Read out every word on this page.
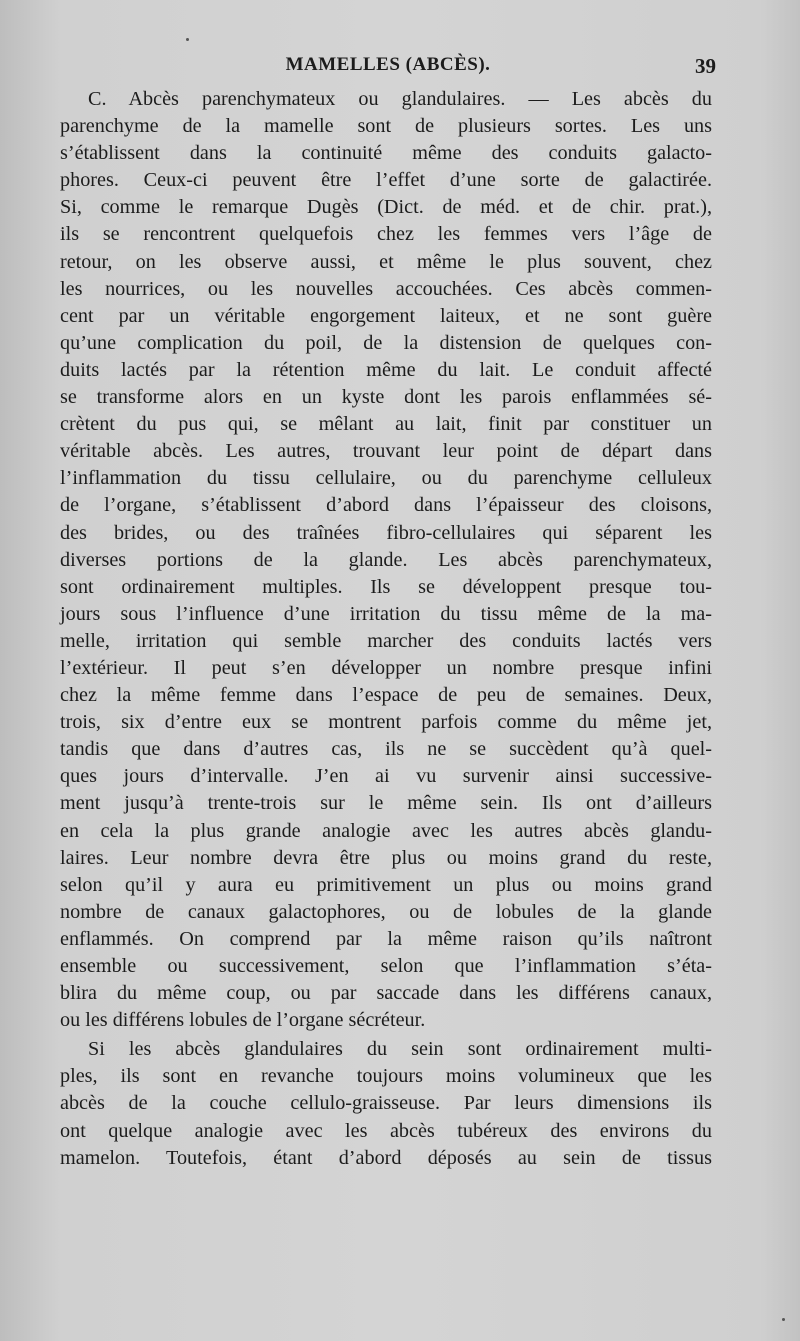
MAMELLES (ABCÈS).	39
C. Abcès parenchymateux ou glandulaires. — Les abcès du
parenchyme de la mamelle sont de plusieurs sortes. Les uns
s’établissent dans la continuité même des conduits galacto-
phores. Ceux-ci peuvent être l’effet d’une sorte de galactirée.
Si, comme le remarque Dugès (Dict. de méd. et de chir. prat.),
ils se rencontrent quelquefois chez les femmes vers l’âge de
retour, on les observe aussi, et même le plus souvent, chez
les nourrices, ou les nouvelles accouchées. Ces abcès commen-
cent par un véritable engorgement laiteux, et ne sont guère
qu’une complication du poil, de la distension de quelques con-
duits lactés par la rétention même du lait. Le conduit affecté
se transforme alors en un kyste dont les parois enflammées sé-
crètent du pus qui, se mêlant au lait, finit par constituer un
véritable abcès. Les autres, trouvant leur point de départ dans
l’inflammation du tissu cellulaire, ou du parenchyme celluleux
de l’organe, s’établissent d’abord dans l’épaisseur des cloisons,
des brides, ou des traînées fibro-cellulaires qui séparent les
diverses portions de la glande. Les abcès parenchymateux,
sont ordinairement multiples. Ils se développent presque tou-
jours sous l’influence d’une irritation du tissu même de la ma-
melle, irritation qui semble marcher des conduits lactés vers
l’extérieur. Il peut s’en développer un nombre presque infini
chez la même femme dans l’espace de peu de semaines. Deux,
trois, six d’entre eux se montrent parfois comme du même jet,
tandis que dans d’autres cas, ils ne se succèdent qu’à quel-
ques jours d’intervalle. J’en ai vu survenir ainsi successive-
ment jusqu’à trente-trois sur le même sein. Ils ont d’ailleurs
en cela la plus grande analogie avec les autres abcès glandu-
laires. Leur nombre devra être plus ou moins grand du reste,
selon qu’il y aura eu primitivement un plus ou moins grand
nombre de canaux galactophores, ou de lobules de la glande
enflammés. On comprend par la même raison qu’ils naîtront
ensemble ou successivement, selon que l’inflammation s’éta-
blira du même coup, ou par saccade dans les différens canaux,
ou les différens lobules de l’organe sécréteur.
Si les abcès glandulaires du sein sont ordinairement multi-
ples, ils sont en revanche toujours moins volumineux que les
abcès de la couche cellulo-graisseuse. Par leurs dimensions ils
ont quelque analogie avec les abcès tubéreux des environs du
mamelon. Toutefois, étant d’abord déposés au sein de tissus
